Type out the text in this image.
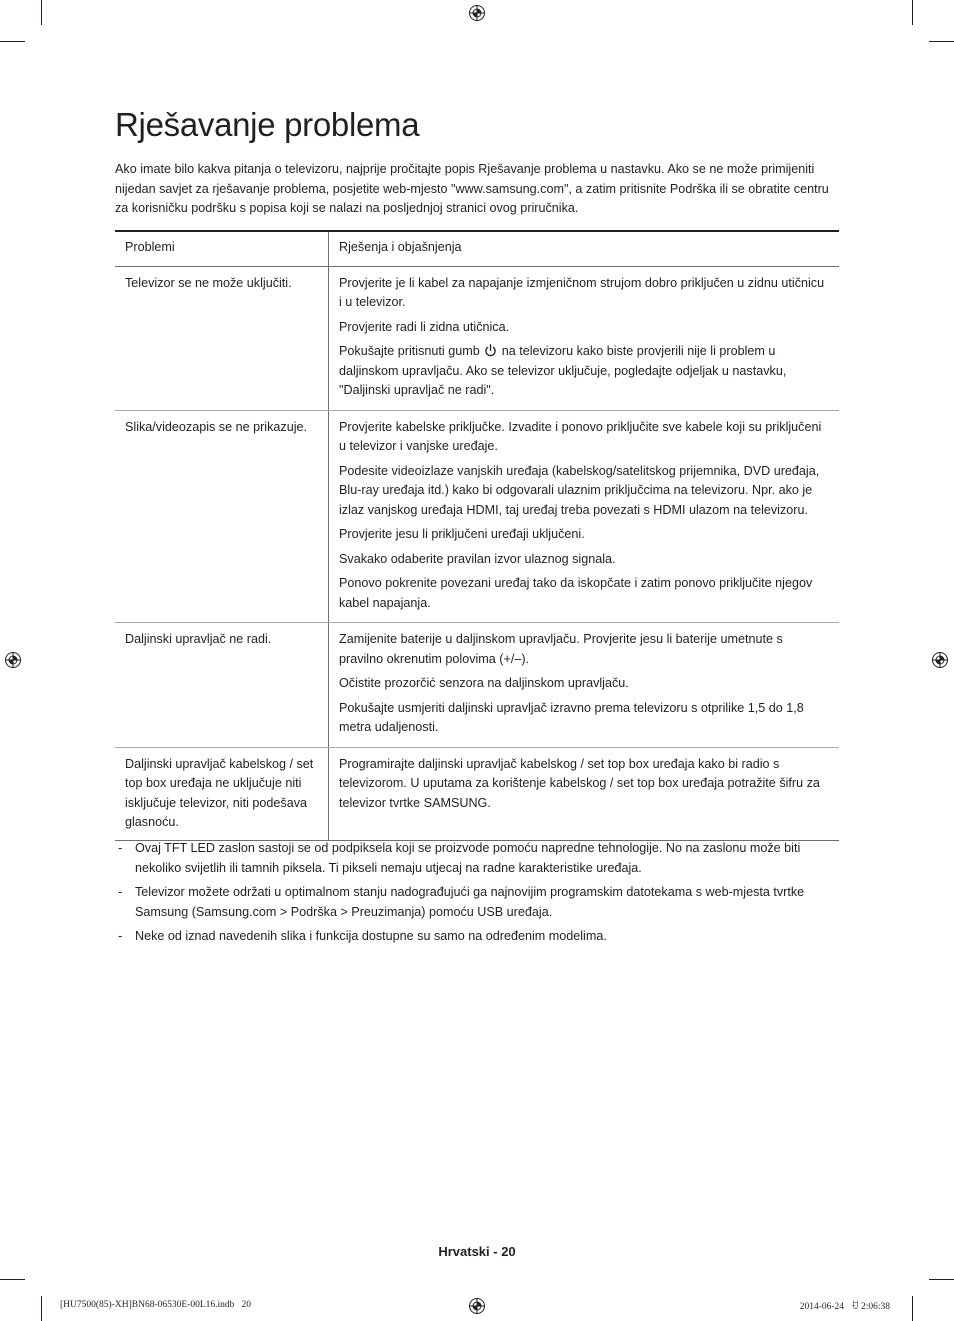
Rješavanje problema

Ako imate bilo kakva pitanja o televizoru, najprije pročitajte popis Rješavanje problema u nastavku. Ako se ne može primijeniti nijedan savjet za rješavanje problema, posjetite web-mjesto "www.samsung.com", a zatim pritisnite Podrška ili se obratite centru za korisničku podršku s popisa koji se nalazi na posljednjoj stranici ovog priručnika.

Problemi	Rješenja i objašnjenja
Televizor se ne može uključiti.	Provjerite je li kabel za napajanje izmjeničnom strujom dobro priključen u zidnu utičnicu i u televizor.

Provjerite radi li zidna utičnica.

Pokušajte pritisnuti gumb na televizoru kako biste provjerili nije li problem u daljinskom upravljaču. Ako se televizor uključuje, pogledajte odjeljak u nastavku, "Daljinski upravljač ne radi".

Slika/videozapis se ne prikazuje.	Provjerite kabelske priključke. Izvadite i ponovo priključite sve kabele koji su priključeni u televizor i vanjske uređaje.

Podesite videoizlaze vanjskih uređaja (kabelskog/satelitskog prijemnika, DVD uređaja, Blu-ray uređaja itd.) kako bi odgovarali ulaznim priključcima na televizoru. Npr. ako je izlaz vanjskog uređaja HDMI, taj uređaj treba povezati s HDMI ulazom na televizoru.

Provjerite jesu li priključeni uređaji uključeni.

Svakako odaberite pravilan izvor ulaznog signala.

Ponovo pokrenite povezani uređaj tako da iskopčate i zatim ponovo priključite njegov kabel napajanja.

Daljinski upravljač ne radi.	Zamijenite baterije u daljinskom upravljaču. Provjerite jesu li baterije umetnute s pravilno okrenutim polovima (+/–).

Očistite prozorčić senzora na daljinskom upravljaču.

Pokušajte usmjeriti daljinski upravljač izravno prema televizoru s otprilike 1,5 do 1,8 metra udaljenosti.

Daljinski upravljač kabelskog / set top box uređaja ne uključuje niti isključuje televizor, niti podešava glasnoću.	Programirajte daljinski upravljač kabelskog / set top box uređaja kako bi radio s televizorom. U uputama za korištenje kabelskog / set top box uređaja potražite šifru za televizor tvrtke SAMSUNG.

- Ovaj TFT LED zaslon sastoji se od podpiksela koji se proizvode pomoću napredne tehnologije. No na zaslonu može biti nekoliko svijetlih ili tamnih piksela. Ti pikseli nemaju utjecaj na radne karakteristike uređaja.
- Televizor možete održati u optimalnom stanju nadograđujući ga najnovijim programskim datotekama s web-mjesta tvrtke Samsung (Samsung.com > Podrška > Preuzimanja) pomoću USB uređaja.
- Neke od iznad navedenih slika i funkcija dostupne su samo na određenim modelima.
Hrvatski - 20
[HU7500(85)-XH]BN68-06530E-00L16.indb   20	2014-06-24   ꀀ 2:06:38
